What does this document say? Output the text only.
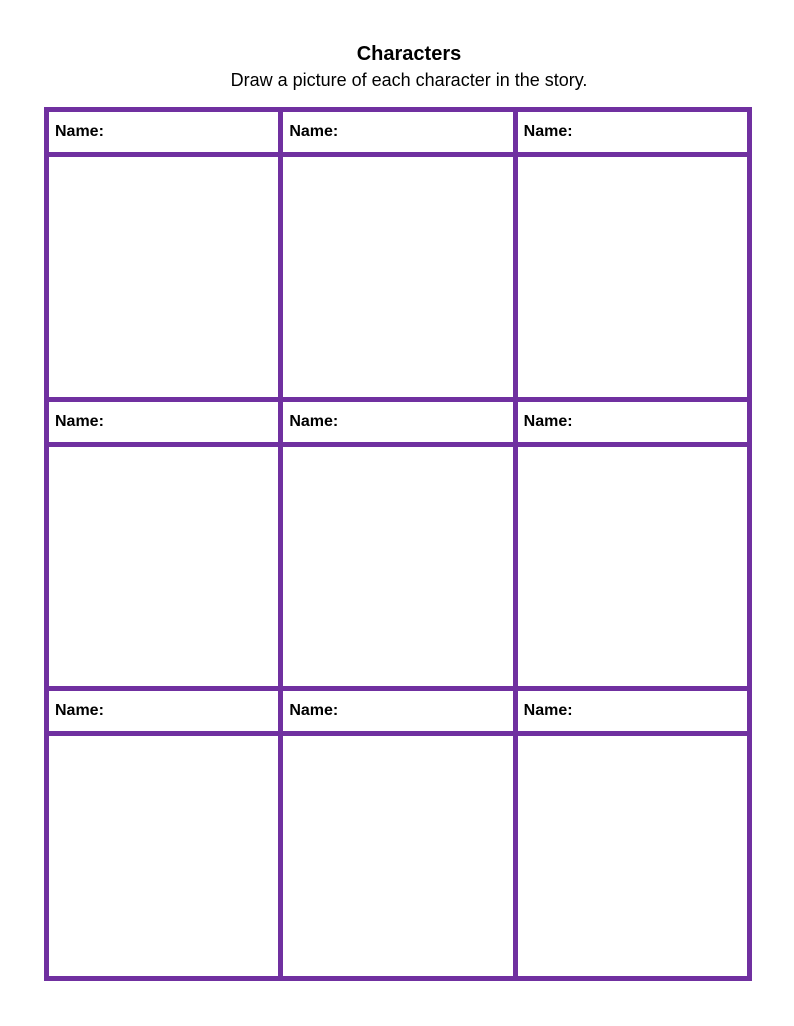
Characters
Draw a picture of each character in the story.
Name:	Name:	Name:
Name:	Name:	Name:
Name:	Name:	Name:
